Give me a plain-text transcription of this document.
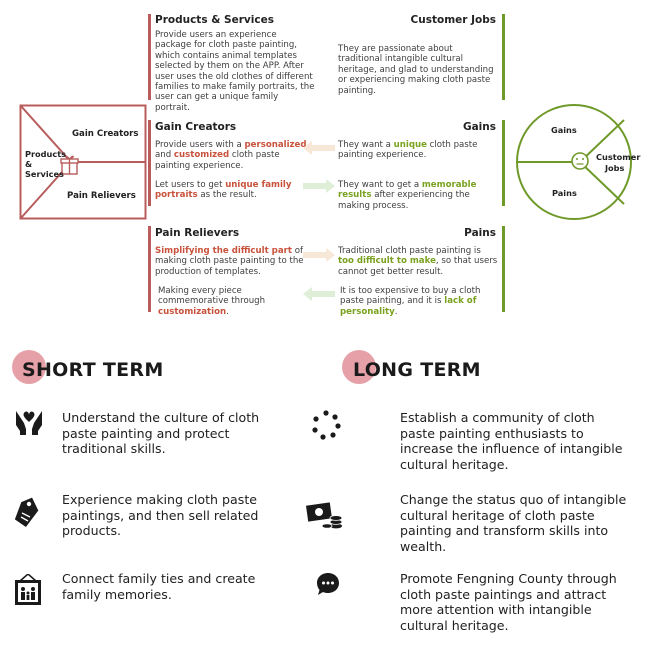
Gain Creators
Products
&
Services
Pain Relievers
Gains
Pains
Customer
Jobs
Products & Services
Provide users an experience package for cloth paste painting, which contains animal templates selected by them on the APP. After user uses the old clothes of different families to make family portraits, the user can get a unique family portrait.
Customer Jobs
They are passionate about traditional intangible cultural heritage, and glad to understanding or experiencing making cloth paste painting.
Gain Creators
Provide users with a personalized and customized cloth paste painting experience.
Let users to get unique family portraits as the result.
Gains
They want a unique cloth paste painting experience.
They want to get a memorable results after experiencing the making process.
Pain Relievers
Simplifying the difficult part of making cloth paste painting to the production of templates.
Making every piece commemorative through customization.
Pains
Traditional cloth paste painting is too difficult to make, so that users cannot get better result.
It is too expensive to buy a cloth paste painting, and it is lack of personality.
SHORT TERM
Understand the culture of cloth paste painting and protect traditional skills.
Experience making cloth paste paintings, and then sell related products.
Connect family ties and create family memories.
LONG TERM
Establish a community of cloth paste painting enthusiasts to increase the influence of intangible cultural heritage.
Change the status quo of intangible cultural heritage of cloth paste painting and transform skills into wealth.
Promote Fengning County through cloth paste paintings and attract more attention with intangible cultural heritage.
